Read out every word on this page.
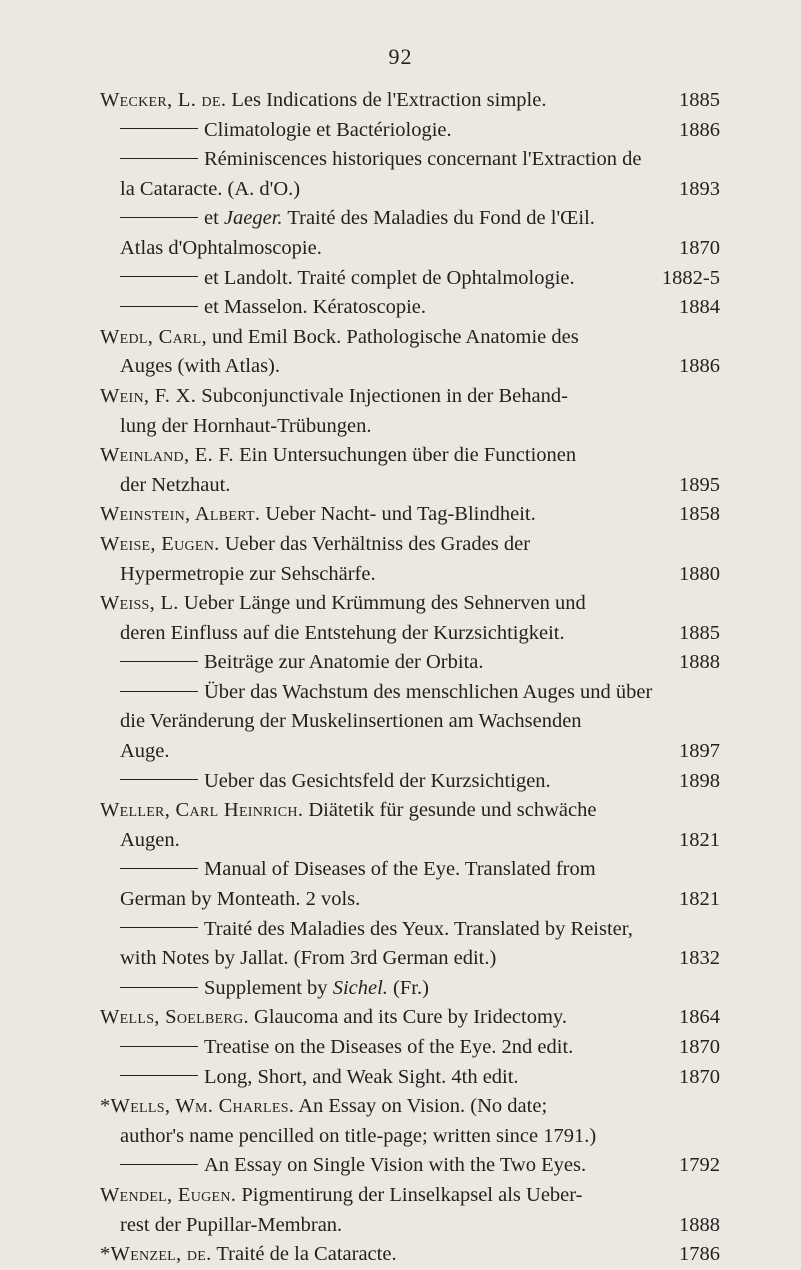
92
Wecker, L. de. Les Indications de l'Extraction simple.	1885
Climatologie et Bactériologie.	1886
Réminiscences historiques concernant l'Extraction de
la Cataracte. (A. d'O.)	1893
et Jaeger. Traité des Maladies du Fond de l'Œil.
Atlas d'Ophtalmoscopie.	1870
et Landolt. Traité complet de Ophtalmologie.	1882-5
et Masselon. Kératoscopie.	1884
Wedl, Carl, und Emil Bock. Pathologische Anatomie des
Auges (with Atlas).	1886
Wein, F. X. Subconjunctivale Injectionen in der Behand-
lung der Hornhaut-Trübungen.
Weinland, E. F. Ein Untersuchungen über die Functionen
der Netzhaut.	1895
Weinstein, Albert. Ueber Nacht- und Tag-Blindheit.	1858
Weise, Eugen. Ueber das Verhältniss des Grades der
Hypermetropie zur Sehschärfe.	1880
Weiss, L. Ueber Länge und Krümmung des Sehnerven und
deren Einfluss auf die Entstehung der Kurzsichtigkeit.	1885
Beiträge zur Anatomie der Orbita.	1888
Über das Wachstum des menschlichen Auges und über
die Veränderung der Muskelinsertionen am Wachsenden
Auge.	1897
Ueber das Gesichtsfeld der Kurzsichtigen.	1898
Weller, Carl Heinrich. Diätetik für gesunde und schwäche
Augen.	1821
Manual of Diseases of the Eye. Translated from
German by Monteath. 2 vols.	1821
Traité des Maladies des Yeux. Translated by Reister,
with Notes by Jallat. (From 3rd German edit.)	1832
Supplement by Sichel. (Fr.)
Wells, Soelberg. Glaucoma and its Cure by Iridectomy.	1864
Treatise on the Diseases of the Eye. 2nd edit.	1870
Long, Short, and Weak Sight. 4th edit.	1870
*Wells, Wm. Charles. An Essay on Vision. (No date;
author's name pencilled on title-page; written since 1791.)
An Essay on Single Vision with the Two Eyes.	1792
Wendel, Eugen. Pigmentirung der Linselkapsel als Ueber-
rest der Pupillar-Membran.	1888
*Wenzel, de. Traité de la Cataracte.	1786
